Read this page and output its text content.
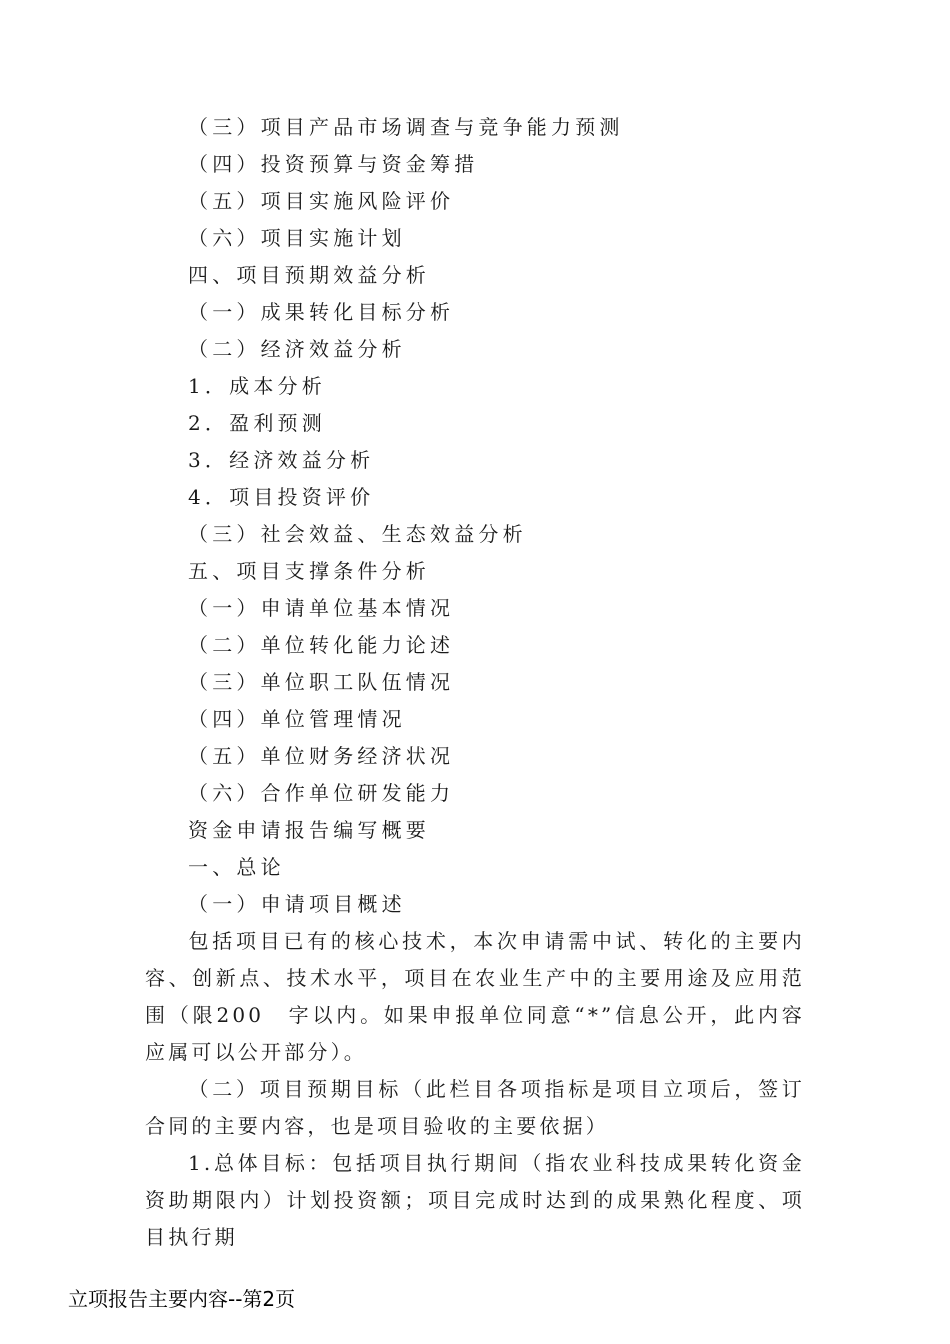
（三）项目产品市场调查与竞争能力预测
（四）投资预算与资金筹措
（五）项目实施风险评价
（六）项目实施计划
四、项目预期效益分析
（一）成果转化目标分析
（二）经济效益分析
1．成本分析
2．盈利预测
3．经济效益分析
4．项目投资评价
（三）社会效益、生态效益分析
五、项目支撑条件分析
（一）申请单位基本情况
（二）单位转化能力论述
（三）单位职工队伍情况
（四）单位管理情况
（五）单位财务经济状况
（六）合作单位研发能力
资金申请报告编写概要
一、总论
（一）申请项目概述

包括项目已有的核心技术，本次申请需中试、转化的主要内容、创新点、技术水平，项目在农业生产中的主要用途及应用范围（限200　字以内。如果申报单位同意“*”信息公开，此内容应属可以公开部分）。

（二）项目预期目标（此栏目各项指标是项目立项后，签订合同的主要内容，也是项目验收的主要依据）

1.总体目标：包括项目执行期间（指农业科技成果转化资金资助期限内）计划投资额；项目完成时达到的成果熟化程度、项目执行期

立项报告主要内容--第2页
